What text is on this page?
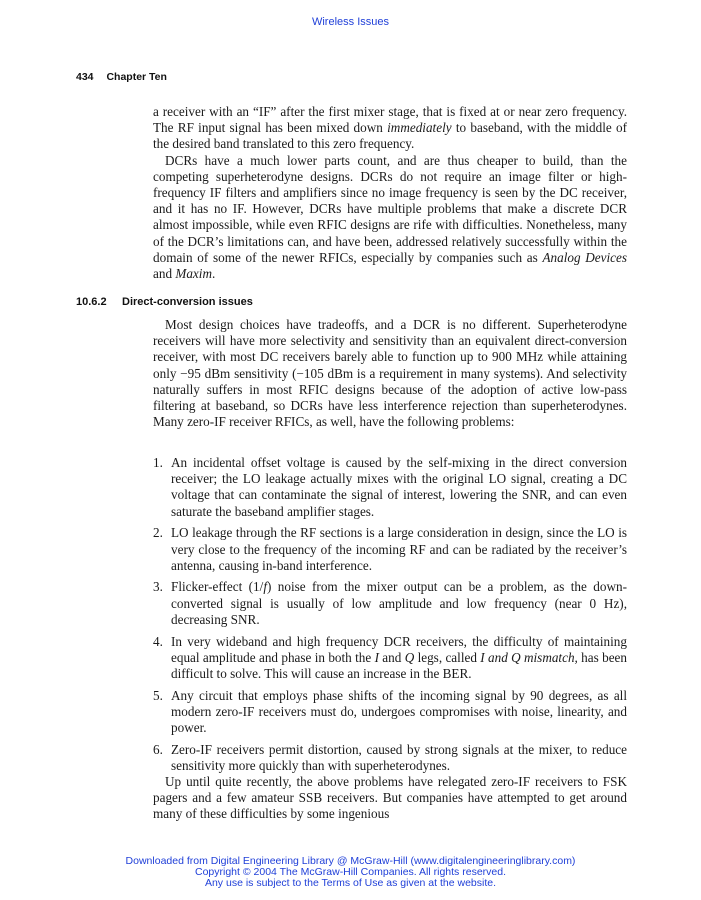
Wireless Issues
434 Chapter Ten

a receiver with an “IF” after the first mixer stage, that is fixed at or near zero frequency. The RF input signal has been mixed down immediately to baseband, with the middle of the desired band translated to this zero frequency.

DCRs have a much lower parts count, and are thus cheaper to build, than the competing superheterodyne designs. DCRs do not require an image filter or high-frequency IF filters and amplifiers since no image frequency is seen by the DC receiver, and it has no IF. However, DCRs have multiple problems that make a discrete DCR almost impossible, while even RFIC designs are rife with difficulties. Nonetheless, many of the DCR’s limitations can, and have been, addressed relatively successfully within the domain of some of the newer RFICs, especially by companies such as Analog Devices and Maxim.

10.6.2 Direct-conversion issues

Most design choices have tradeoffs, and a DCR is no different. Superheterodyne receivers will have more selectivity and sensitivity than an equivalent direct-conversion receiver, with most DC receivers barely able to function up to 900 MHz while attaining only −95 dBm sensitivity (−105 dBm is a requirement in many systems). And selectivity naturally suffers in most RFIC designs because of the adoption of active low-pass filtering at baseband, so DCRs have less interference rejection than superheterodynes. Many zero-IF receiver RFICs, as well, have the following problems:

1. An incidental offset voltage is caused by the self-mixing in the direct conversion receiver; the LO leakage actually mixes with the original LO signal, creating a DC voltage that can contaminate the signal of interest, lowering the SNR, and can even saturate the baseband amplifier stages.
2. LO leakage through the RF sections is a large consideration in design, since the LO is very close to the frequency of the incoming RF and can be radiated by the receiver’s antenna, causing in-band interference.
3. Flicker-effect (1/f) noise from the mixer output can be a problem, as the down-converted signal is usually of low amplitude and low frequency (near 0 Hz), decreasing SNR.
4. In very wideband and high frequency DCR receivers, the difficulty of maintaining equal amplitude and phase in both the I and Q legs, called I and Q mismatch, has been difficult to solve. This will cause an increase in the BER.
5. Any circuit that employs phase shifts of the incoming signal by 90 degrees, as all modern zero-IF receivers must do, undergoes compromises with noise, linearity, and power.
6. Zero-IF receivers permit distortion, caused by strong signals at the mixer, to reduce sensitivity more quickly than with superheterodynes.

Up until quite recently, the above problems have relegated zero-IF receivers to FSK pagers and a few amateur SSB receivers. But companies have attempted to get around many of these difficulties by some ingenious

Downloaded from Digital Engineering Library @ McGraw-Hill (www.digitalengineeringlibrary.com)
Copyright © 2004 The McGraw-Hill Companies. All rights reserved.
Any use is subject to the Terms of Use as given at the website.
